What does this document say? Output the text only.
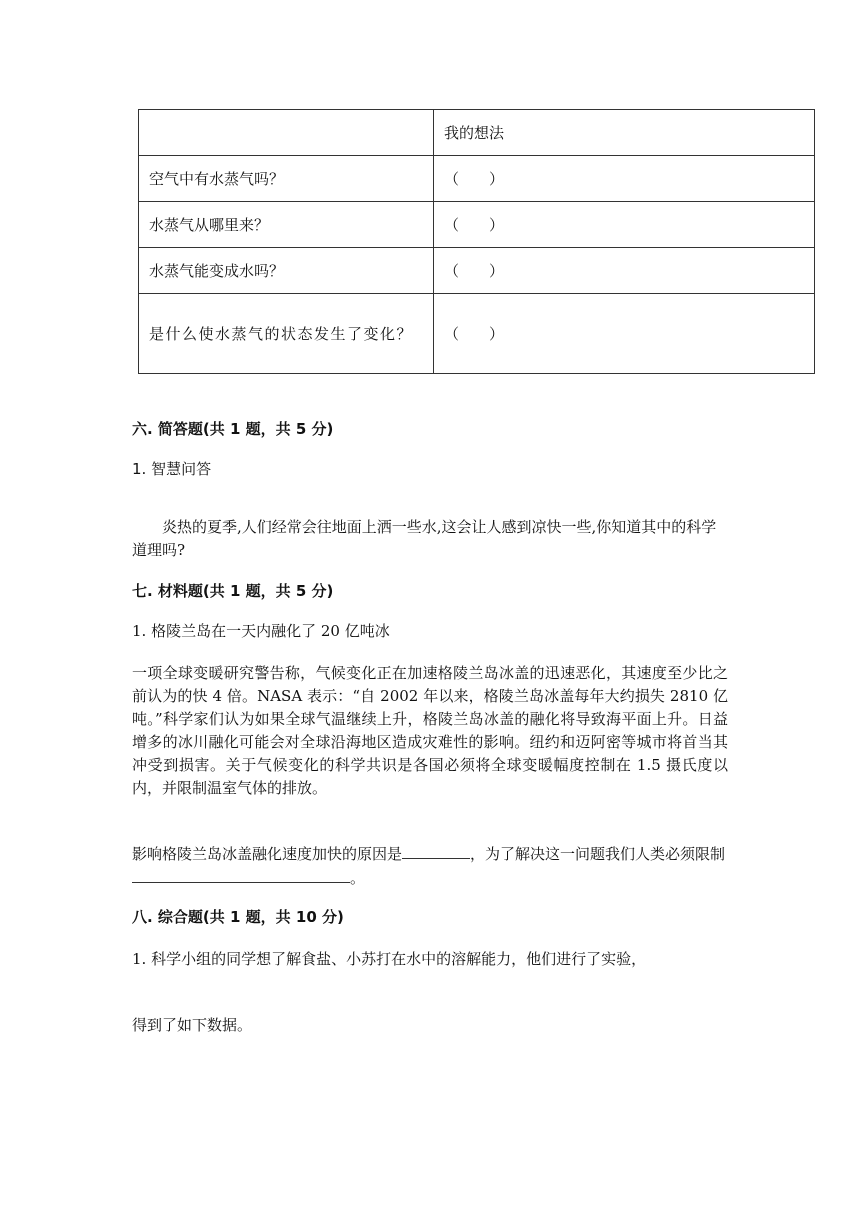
	我的想法
空气中有水蒸气吗？	（　　）
水蒸气从哪里来？	（　　）
水蒸气能变成水吗？	（　　）
是什么使水蒸气的状态发生了变化？	（　　）
六. 简答题(共 1 题，共 5 分)
1. 智慧问答
炎热的夏季,人们经常会往地面上洒一些水,这会让人感到凉快一些,你知道其中的科学道理吗?
七. 材料题(共 1 题，共 5 分)
1. 格陵兰岛在一天内融化了 20 亿吨冰
一项全球变暖研究警告称，气候变化正在加速格陵兰岛冰盖的迅速恶化，其速度至少比之前认为的快 4 倍。NASA 表示：“自 2002 年以来，格陵兰岛冰盖每年大约损失 2810 亿吨。”科学家们认为如果全球气温继续上升，格陵兰岛冰盖的融化将导致海平面上升。日益增多的冰川融化可能会对全球沿海地区造成灾难性的影响。纽约和迈阿密等城市将首当其冲受到损害。关于气候变化的科学共识是各国必须将全球变暖幅度控制在 1.5 摄氏度以内，并限制温室气体的排放。
影响格陵兰岛冰盖融化速度加快的原因是	，为了解决这一问题我们人类必须限制。
八. 综合题(共 1 题，共 10 分)
1. 科学小组的同学想了解食盐、小苏打在水中的溶解能力，他们进行了实验，
得到了如下数据。
